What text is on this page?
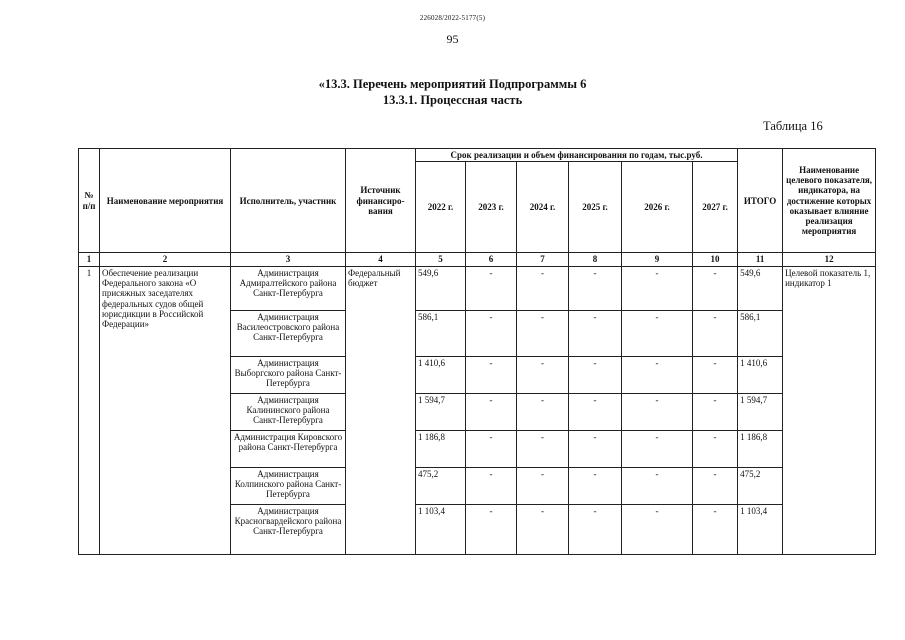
226028/2022-5177(5)
95
«13.3. Перечень мероприятий Подпрограммы 6
13.3.1. Процессная часть
Таблица 16
№ п/п	Наименование мероприятия	Исполнитель, участник	Источник финансиро-вания	Срок реализации и объем финансирования по годам, тыс.руб.						ИТОГО	Наименование целевого показателя, индикатора, на достижение которых оказывает влияние реализация мероприятия
				2022 г.	2023 г.	2024 г.	2025 г.	2026 г.	2027 г.		
1	2	3	4	5	6	7	8	9	10	11	12
1	Обеспечение реализации Федерального закона «О присяжных заседателях федеральных судов общей юрисдикции в Российской Федерации»	Администрация Адмиралтейского района Санкт-Петербурга	Федеральный бюджет	549,6	-	-	-	-	-	549,6	Целевой показатель 1, индикатор 1
		Администрация Василеостровского района Санкт-Петербурга		586,1	-	-	-	-	-	586,1	
		Администрация Выборгского района Санкт-Петербурга		1 410,6	-	-	-	-	-	1 410,6	
		Администрация Калининского района Санкт-Петербурга		1 594,7	-	-	-	-	-	1 594,7	
		Администрация Кировского района Санкт-Петербурга		1 186,8	-	-	-	-	-	1 186,8	
		Администрация Колпинского района Санкт-Петербурга		475,2	-	-	-	-	-	475,2	
		Администрация Красногвардейского района Санкт-Петербурга		1 103,4	-	-	-	-	-	1 103,4	
